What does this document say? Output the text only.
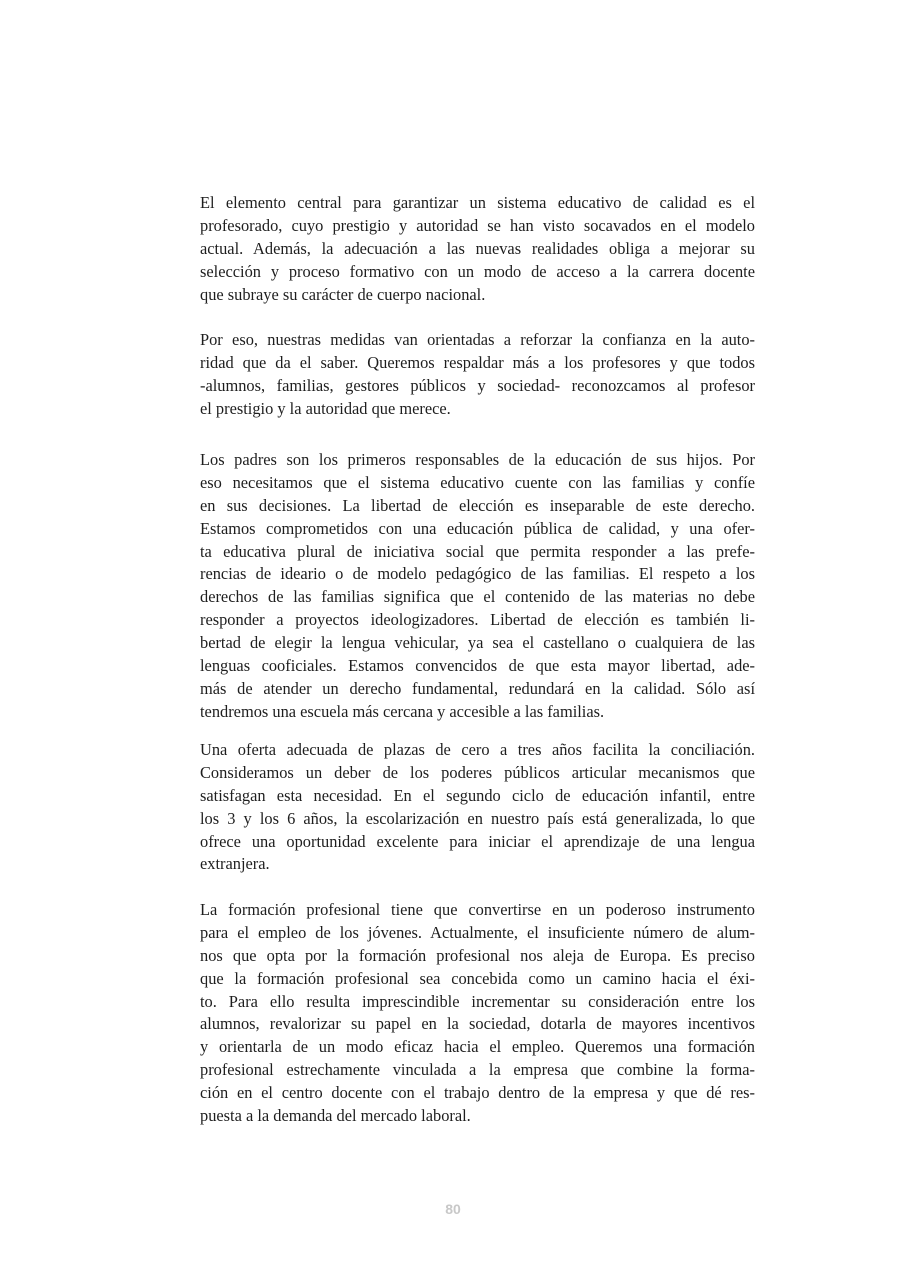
El elemento central para garantizar un sistema educativo de calidad es el
profesorado, cuyo prestigio y autoridad se han visto socavados en el modelo
actual. Además, la adecuación a las nuevas realidades obliga a mejorar su
selección y proceso formativo con un modo de acceso a la carrera docente
que subraye su carácter de cuerpo nacional.
Por eso, nuestras medidas van orientadas a reforzar la confianza en la auto-
ridad que da el saber. Queremos respaldar más a los profesores y que todos
-alumnos, familias, gestores públicos y sociedad- reconozcamos al profesor
el prestigio y la autoridad que merece.
Los padres son los primeros responsables de la educación de sus hijos. Por
eso necesitamos que el sistema educativo cuente con las familias y confíe
en sus decisiones. La libertad de elección es inseparable de este derecho.
Estamos comprometidos con una educación pública de calidad, y una ofer-
ta educativa plural de iniciativa social que permita responder a las prefe-
rencias de ideario o de modelo pedagógico de las familias. El respeto a los
derechos de las familias significa que el contenido de las materias no debe
responder a proyectos ideologizadores. Libertad de elección es también li-
bertad de elegir la lengua vehicular, ya sea el castellano o cualquiera de las
lenguas cooficiales. Estamos convencidos de que esta mayor libertad, ade-
más de atender un derecho fundamental, redundará en la calidad. Sólo así
tendremos una escuela más cercana y accesible a las familias.
Una oferta adecuada de plazas de cero a tres años facilita la conciliación.
Consideramos un deber de los poderes públicos articular mecanismos que
satisfagan esta necesidad. En el segundo ciclo de educación infantil, entre
los 3 y los 6 años, la escolarización en nuestro país está generalizada, lo que
ofrece una oportunidad excelente para iniciar el aprendizaje de una lengua
extranjera.
La formación profesional tiene que convertirse en un poderoso instrumento
para el empleo de los jóvenes. Actualmente, el insuficiente número de alum-
nos que opta por la formación profesional nos aleja de Europa. Es preciso
que la formación profesional sea concebida como un camino hacia el éxi-
to. Para ello resulta imprescindible incrementar su consideración entre los
alumnos, revalorizar su papel en la sociedad, dotarla de mayores incentivos
y orientarla de un modo eficaz hacia el empleo. Queremos una formación
profesional estrechamente vinculada a la empresa que combine la forma-
ción en el centro docente con el trabajo dentro de la empresa y que dé res-
puesta a la demanda del mercado laboral.
80
